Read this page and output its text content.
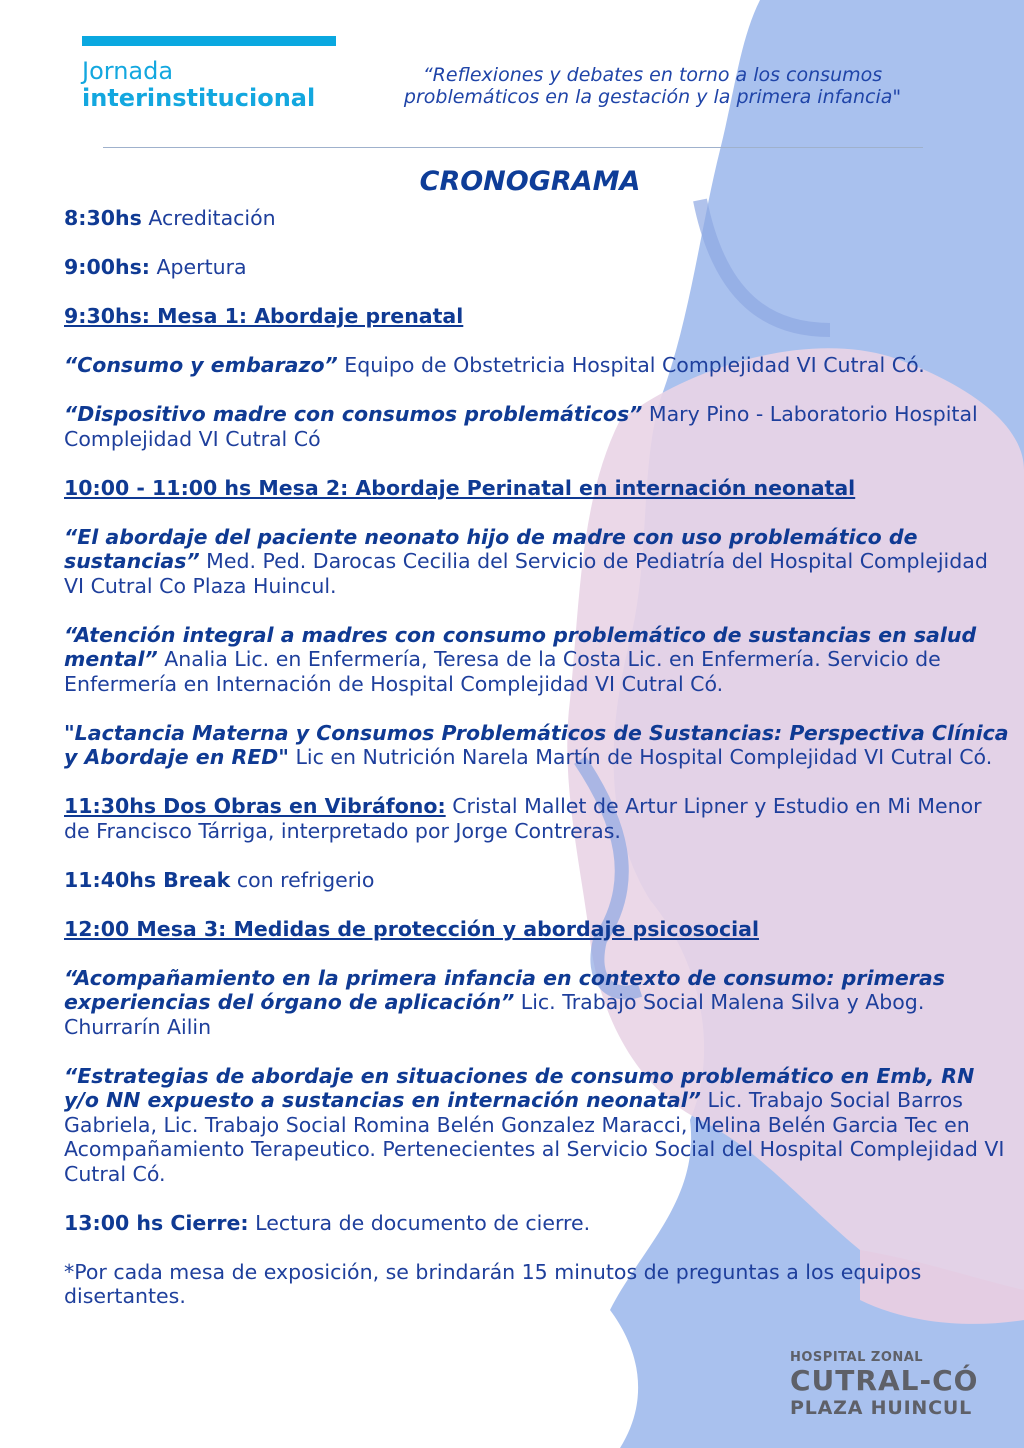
Jornada
interinstitucional
“Reflexiones y debates en torno a los consumos problemáticos en la gestación y la primera infancia"
CRONOGRAMA

8:30hs Acreditación

9:00hs: Apertura

9:30hs: Mesa 1: Abordaje prenatal

“Consumo y embarazo” Equipo de Obstetricia Hospital Complejidad VI Cutral Có.

“Dispositivo madre con consumos problemáticos” Mary Pino - Laboratorio Hospital Complejidad VI Cutral Có

10:00 - 11:00 hs Mesa 2: Abordaje Perinatal en internación neonatal

“El abordaje del paciente neonato hijo de madre con uso problemático de sustancias” Med. Ped. Darocas Cecilia del Servicio de Pediatría del Hospital Complejidad VI Cutral Co Plaza Huincul.

“Atención integral a madres con consumo problemático de sustancias en salud mental” Analia Lic. en Enfermería, Teresa de la Costa Lic. en Enfermería. Servicio de Enfermería en Internación de Hospital Complejidad VI Cutral Có.

"Lactancia Materna y Consumos Problemáticos de Sustancias: Perspectiva Clínica y Abordaje en RED" Lic en Nutrición Narela Martín de Hospital Complejidad VI Cutral Có.

11:30hs Dos Obras en Vibráfono: Cristal Mallet de Artur Lipner y Estudio en Mi Menor de Francisco Tárriga, interpretado por Jorge Contreras.

11:40hs Break con refrigerio

12:00 Mesa 3: Medidas de protección y abordaje psicosocial

“Acompañamiento en la primera infancia en contexto de consumo: primeras experiencias del órgano de aplicación” Lic. Trabajo Social Malena Silva y Abog. Churrarín Ailin

“Estrategias de abordaje en situaciones de consumo problemático en Emb, RN y/o NN expuesto a sustancias en internación neonatal” Lic. Trabajo Social Barros Gabriela, Lic. Trabajo Social Romina Belén Gonzalez Maracci, Melina Belén Garcia Tec en Acompañamiento Terapeutico. Pertenecientes al Servicio Social del Hospital Complejidad VI Cutral Có.

13:00 hs Cierre: Lectura de documento de cierre.

*Por cada mesa de exposición, se brindarán 15 minutos de preguntas a los equipos disertantes.

HOSPITAL ZONAL
CUTRAL-CÓ
PLAZA HUINCUL
